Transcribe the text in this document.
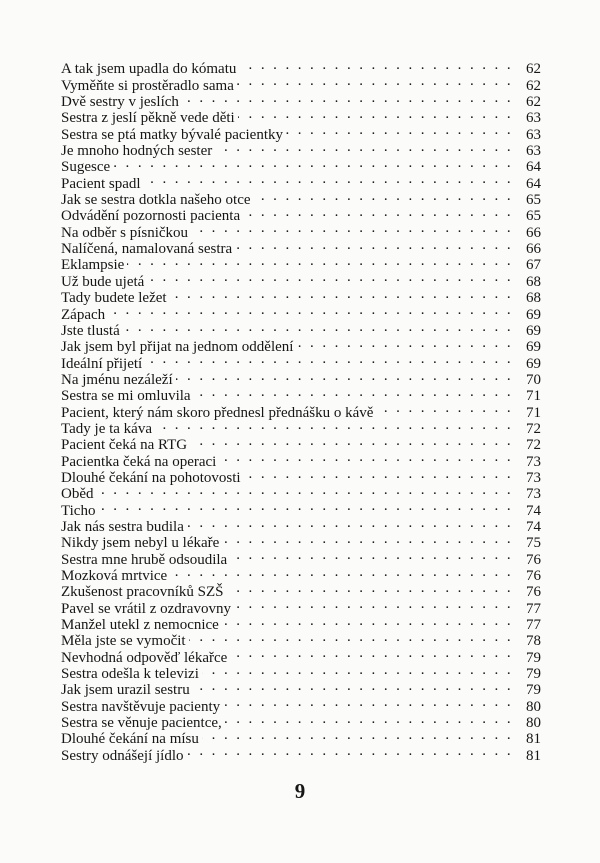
A tak jsem upadla do kómatu . . .	62
Vyměňte si prostěradlo sama . . .	62
Dvě sestry v jeslích . . .	62
Sestra z jeslí pěkně vede děti . . .	63
Sestra se ptá matky bývalé pacientky . . .	63
Je mnoho hodných sester . . .	63
Sugesce . . .	64
Pacient spadl . . .	64
Jak se sestra dotkla našeho otce . . .	65
Odvádění pozornosti pacienta . . .	65
Na odběr s písničkou . . .	66
Nalíčená, namalovaná sestra . . .	66
Eklampsie . . .	67
Už bude ujetá . . .	68
Tady budete ležet . . .	68
Zápach . . .	69
Jste tlustá . . .	69
Jak jsem byl přijat na jednom oddělení . . .	69
Ideální přijetí . . .	69
Na jménu nezáleží . . .	70
Sestra se mi omluvila . . .	71
Pacient, který nám skoro přednesl přednášku o kávě . . .	71
Tady je ta káva . . .	72
Pacient čeká na RTG . . .	72
Pacientka čeká na operaci . . .	73
Dlouhé čekání na pohotovosti . . .	73
Oběd . . .	73
Ticho . . .	74
Jak nás sestra budila . . .	74
Nikdy jsem nebyl u lékaře . . .	75
Sestra mne hrubě odsoudila . . .	76
Mozková mrtvice . . .	76
Zkušenost pracovníků SZŠ . . .	76
Pavel se vrátil z ozdravovny . . .	77
Manžel utekl z nemocnice . . .	77
Měla jste se vymočit . . .	78
Nevhodná odpověď lékařce . . .	79
Sestra odešla k televizi . . .	79
Jak jsem urazil sestru . . .	79
Sestra navštěvuje pacienty . . .	80
Sestra se věnuje pacientce, . . .	80
Dlouhé čekání na mísu . . .	81
Sestry odnášejí jídlo . . .	81
9
